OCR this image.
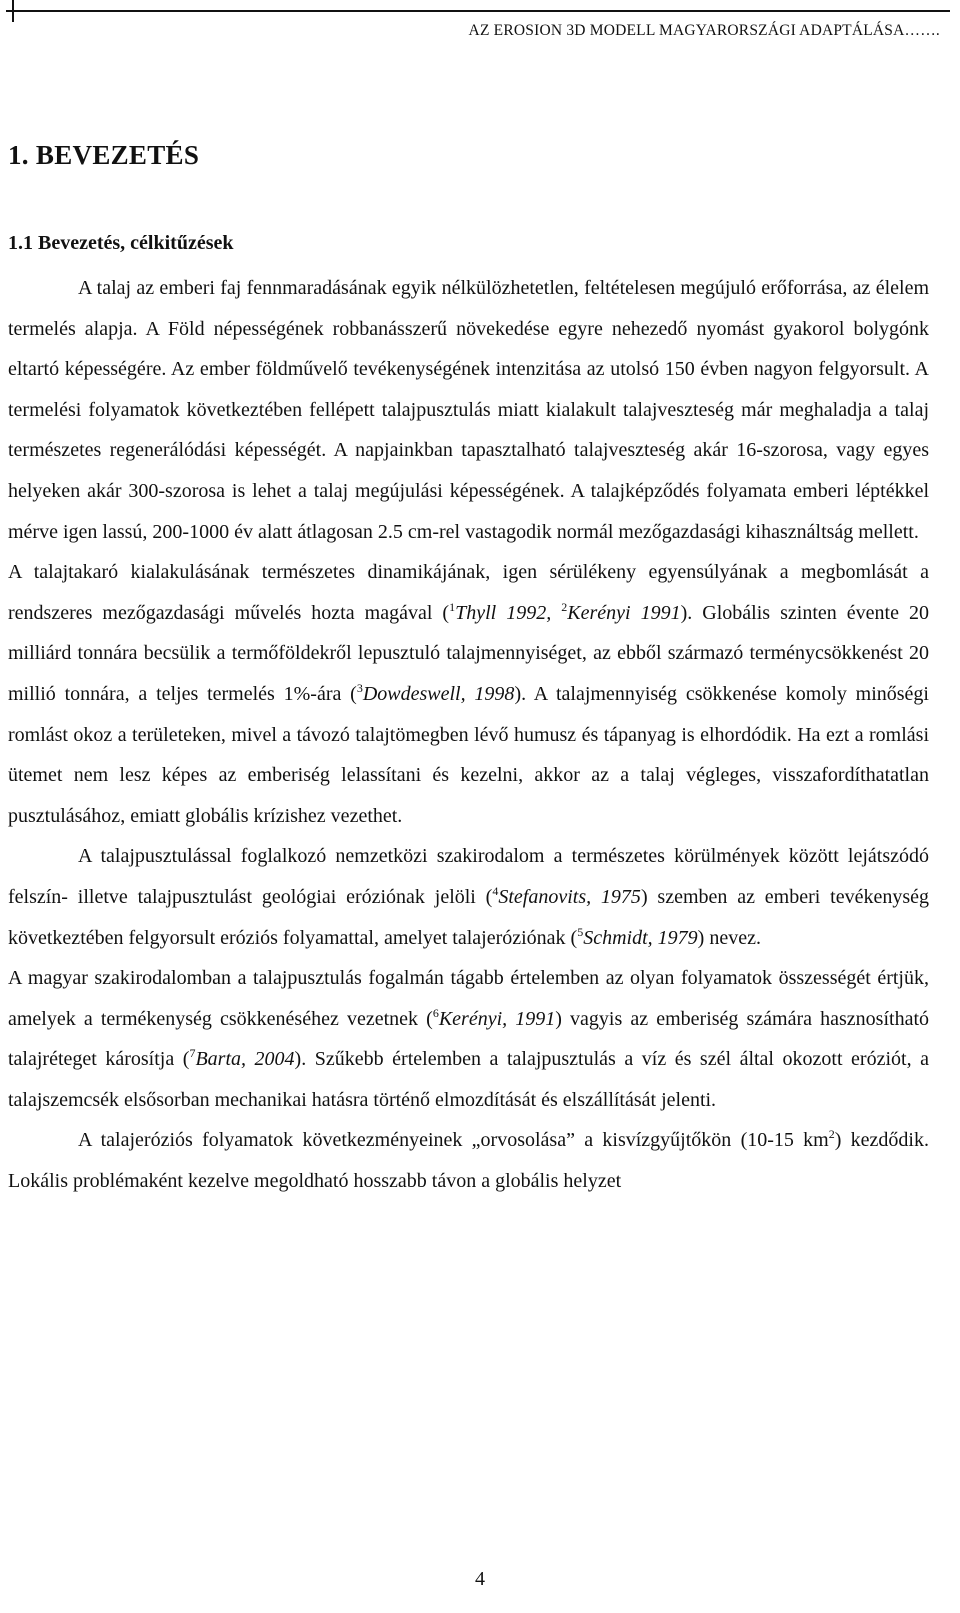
AZ EROSION 3D MODELL MAGYARORSZÁGI ADAPTÁLÁSA…….
1. BEVEZETÉS
1.1 Bevezetés, célkitűzések

A talaj az emberi faj fennmaradásának egyik nélkülözhetetlen, feltételesen megújuló erőforrása, az élelem termelés alapja. A Föld népességének robbanásszerű növekedése egyre nehezedő nyomást gyakorol bolygónk eltartó képességére. Az ember földművelő tevékenységének intenzitása az utolsó 150 évben nagyon felgyorsult. A termelési folyamatok következtében fellépett talajpusztulás miatt kialakult talajveszteség már meghaladja a talaj természetes regenerálódási képességét. A napjainkban tapasztalható talajveszteség akár 16-szorosa, vagy egyes helyeken akár 300-szorosa is lehet a talaj megújulási képességének. A talajképződés folyamata emberi léptékkel mérve igen lassú, 200-1000 év alatt átlagosan 2.5 cm-rel vastagodik normál mezőgazdasági kihasználtság mellett.

A talajtakaró kialakulásának természetes dinamikájának, igen sérülékeny egyensúlyának a megbomlását a rendszeres mezőgazdasági művelés hozta magával ($^1$Thyll 1992, $^2$Kerényi 1991). Globális szinten évente 20 milliárd tonnára becsülik a termőföldekről lepusztuló talajmennyiséget, az ebből származó terménycsökkenést 20 millió tonnára, a teljes termelés 1%-ára ($^3$Dowdeswell, 1998). A talajmennyiség csökkenése komoly minőségi romlást okoz a területeken, mivel a távozó talajtömegben lévő humusz és tápanyag is elhordódik. Ha ezt a romlási ütemet nem lesz képes az emberiség lelassítani és kezelni, akkor az a talaj végleges, visszafordíthatatlan pusztulásához, emiatt globális krízishez vezethet.

A talajpusztulással foglalkozó nemzetközi szakirodalom a természetes körülmények között lejátszódó felszín- illetve talajpusztulást geológiai eróziónak jelöli ($^4$Stefanovits, 1975) szemben az emberi tevékenység következtében felgyorsult eróziós folyamattal, amelyet talajeróziónak ($^5$Schmidt, 1979) nevez.

A magyar szakirodalomban a talajpusztulás fogalmán tágabb értelemben az olyan folyamatok összességét értjük, amelyek a termékenység csökkenéséhez vezetnek ($^6$Kerényi, 1991) vagyis az emberiség számára hasznosítható talajréteget károsítja ($^7$Barta, 2004). Szűkebb értelemben a talajpusztulás a víz és szél által okozott eróziót, a talajszemcsék elsősorban mechanikai hatásra történő elmozdítását és elszállítását jelenti.

A talajeróziós folyamatok következményeinek „orvosolása” a kisvízgyűjtőkön (10-15 $km^2$) kezdődik. Lokális problémaként kezelve megoldható hosszabb távon a globális helyzet

4
